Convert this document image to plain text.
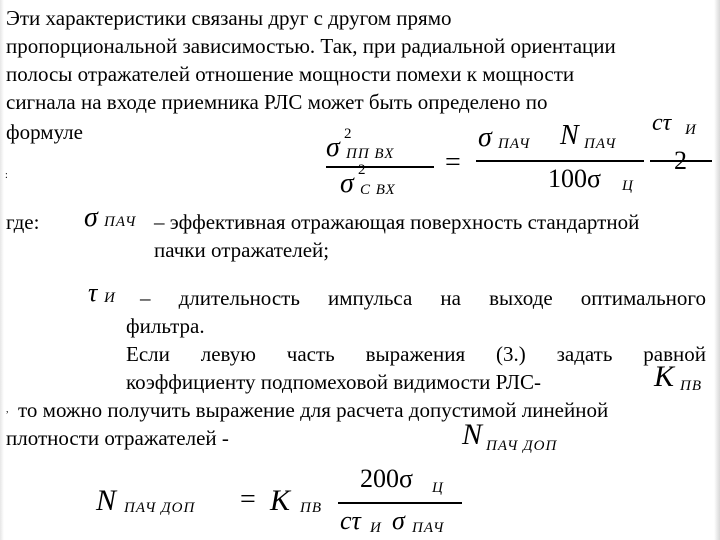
Эти характеристики связаны друг с другом прямо
пропорциональной зависимостью. Так, при радиальной ориентации
полосы отражателей отношение мощности помехи к мощности
сигнала на входе приемника РЛС может быть определено по
формуле	σ 2
ПП ВХ
σ 2
С ВХ
=
σ ПАЧ N ПАЧ
100σ Ц
cτ И
2
:
где: σ ПАЧ – эффективная отражающая поверхность стандартной
пачки отражателей;
τ И – длительность импульса на выходе оптимального
фильтра.
Если левую часть выражения (3.) задать равной
коэффициенту подпомеховой видимости РЛС-	K ПВ
, то можно получить выражение для расчета допустимой линейной
плотности отражателей -	N ПАЧ ДОП
N ПАЧ ДОП = K ПВ
200σ Ц
cτ И σ ПАЧ
